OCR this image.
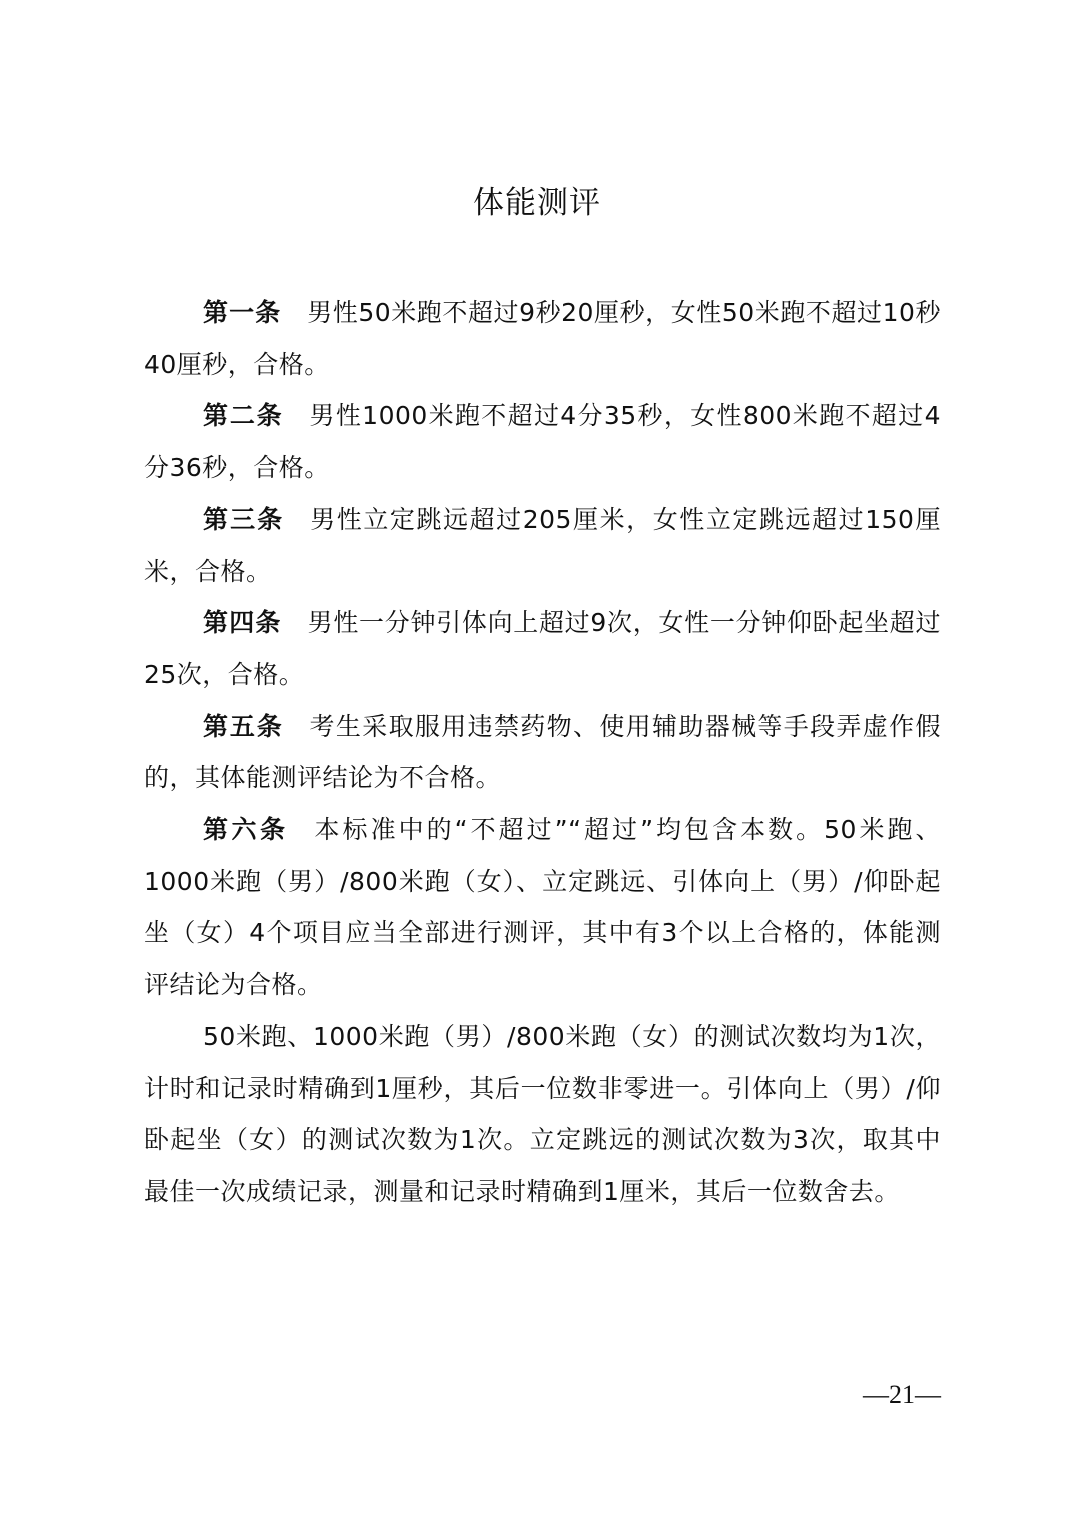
体能测评

第一条 男性50米跑不超过9秒20厘秒，女性50米跑不超过10秒40厘秒，合格。

第二条 男性1000米跑不超过4分35秒，女性800米跑不超过4分36秒，合格。

第三条 男性立定跳远超过205厘米，女性立定跳远超过150厘米，合格。

第四条 男性一分钟引体向上超过9次，女性一分钟仰卧起坐超过25次，合格。

第五条 考生采取服用违禁药物、使用辅助器械等手段弄虚作假的，其体能测评结论为不合格。

第六条 本标准中的“不超过”“超过”均包含本数。50米跑、1000米跑（男）/800米跑（女）、立定跳远、引体向上（男）/仰卧起坐（女）4个项目应当全部进行测评，其中有3个以上合格的，体能测评结论为合格。

50米跑、1000米跑（男）/800米跑（女）的测试次数均为1次，计时和记录时精确到1厘秒，其后一位数非零进一。引体向上（男）/仰卧起坐（女）的测试次数为1次。立定跳远的测试次数为3次，取其中最佳一次成绩记录，测量和记录时精确到1厘米，其后一位数舍去。

—21—
